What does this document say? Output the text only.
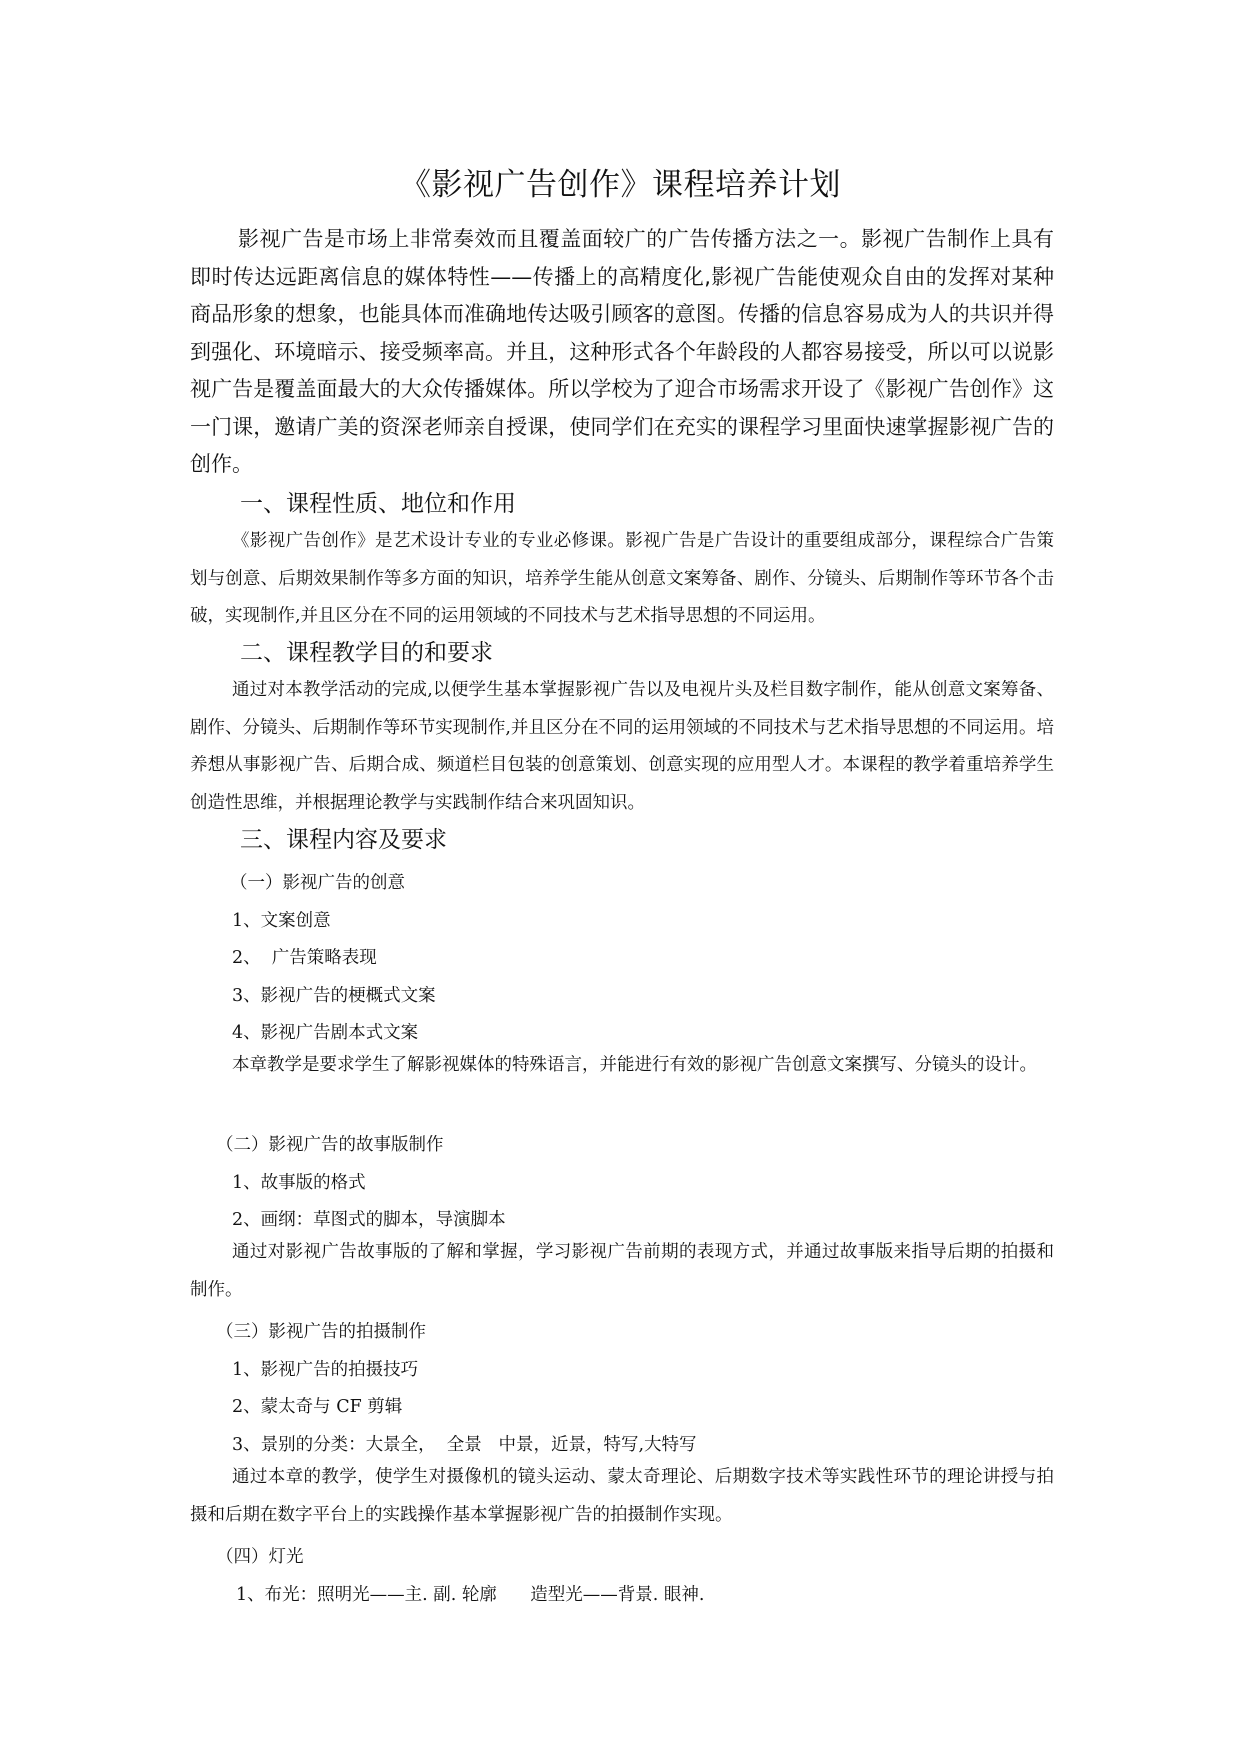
《影视广告创作》课程培养计划

影视广告是市场上非常奏效而且覆盖面较广的广告传播方法之一。影视广告制作上具有即时传达远距离信息的媒体特性——传播上的高精度化,影视广告能使观众自由的发挥对某种商品形象的想象，也能具体而准确地传达吸引顾客的意图。传播的信息容易成为人的共识并得到强化、环境暗示、接受频率高。并且，这种形式各个年龄段的人都容易接受，所以可以说影视广告是覆盖面最大的大众传播媒体。所以学校为了迎合市场需求开设了《影视广告创作》这一门课，邀请广美的资深老师亲自授课，使同学们在充实的课程学习里面快速掌握影视广告的创作。

一、课程性质、地位和作用

《影视广告创作》是艺术设计专业的专业必修课。影视广告是广告设计的重要组成部分，课程综合广告策划与创意、后期效果制作等多方面的知识，培养学生能从创意文案筹备、剧作、分镜头、后期制作等环节各个击破，实现制作,并且区分在不同的运用领域的不同技术与艺术指导思想的不同运用。

二、课程教学目的和要求

通过对本教学活动的完成,以便学生基本掌握影视广告以及电视片头及栏目数字制作，能从创意文案筹备、剧作、分镜头、后期制作等环节实现制作,并且区分在不同的运用领域的不同技术与艺术指导思想的不同运用。培养想从事影视广告、后期合成、频道栏目包装的创意策划、创意实现的应用型人才。本课程的教学着重培养学生创造性思维，并根据理论教学与实践制作结合来巩固知识。

三、课程内容及要求
（一）影视广告的创意
1、文案创意
2、  广告策略表现
3、影视广告的梗概式文案
4、影视广告剧本式文案

本章教学是要求学生了解影视媒体的特殊语言，并能进行有效的影视广告创意文案撰写、分镜头的设计。

（二）影视广告的故事版制作
1、故事版的格式
2、画纲：草图式的脚本，导演脚本

通过对影视广告故事版的了解和掌握，学习影视广告前期的表现方式，并通过故事版来指导后期的拍摄和制作。

（三）影视广告的拍摄制作
1、影视广告的拍摄技巧
2、蒙太奇与 CF 剪辑
3、景别的分类：大景全，  全景   中景，近景，特写,大特写

通过本章的教学，使学生对摄像机的镜头运动、蒙太奇理论、后期数字技术等实践性环节的理论讲授与拍摄和后期在数字平台上的实践操作基本掌握影视广告的拍摄制作实现。

（四）灯光
1、布光：照明光——主. 副. 轮廓      造型光——背景. 眼神.
